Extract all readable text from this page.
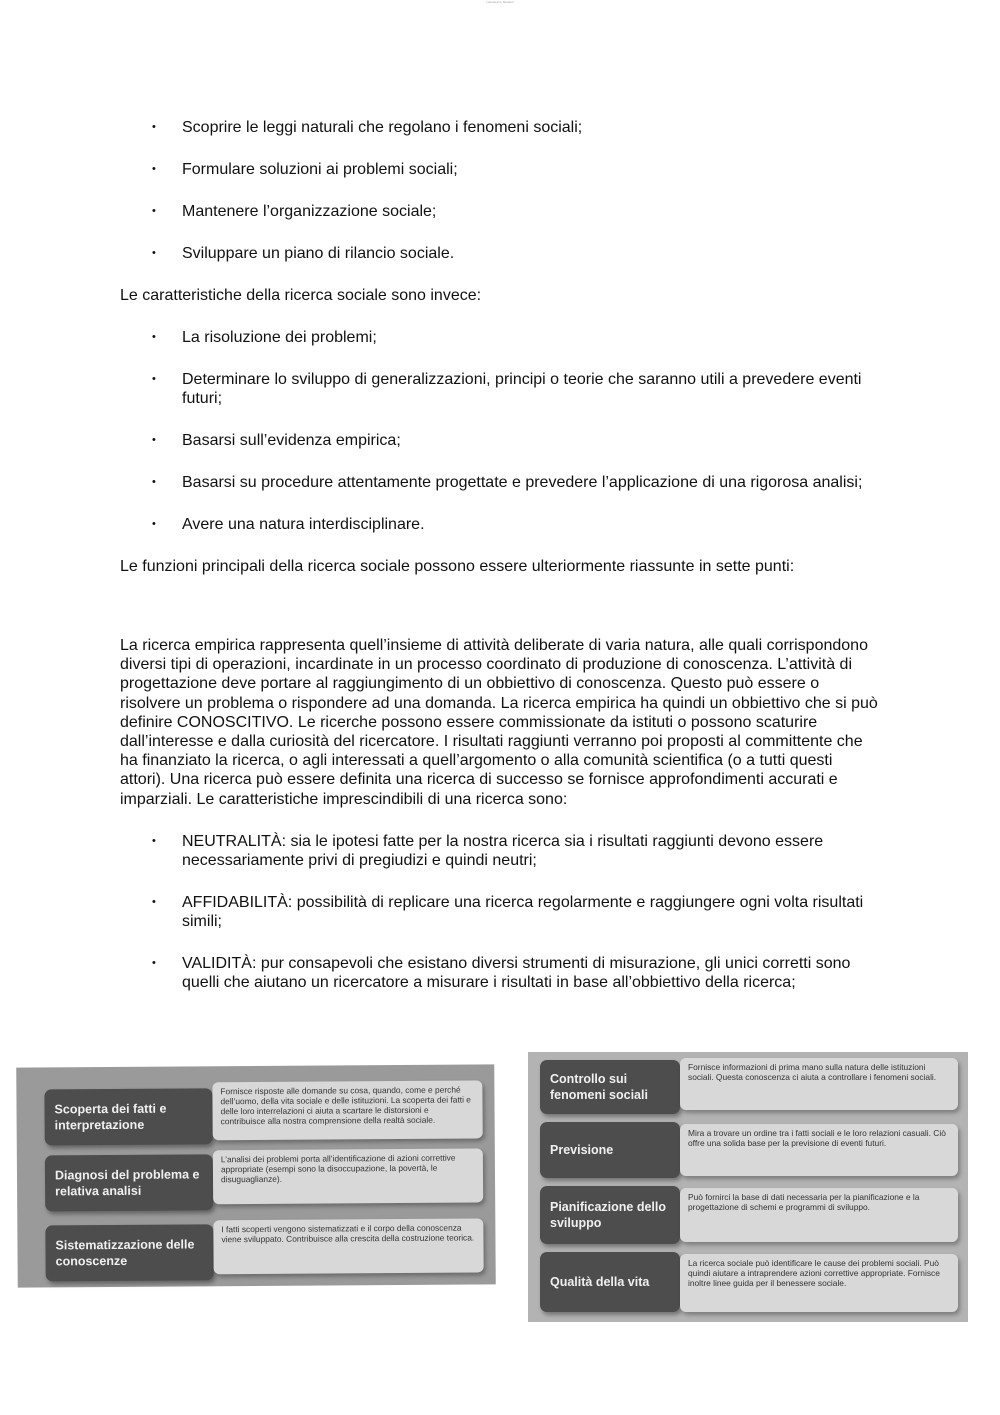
Licensed to Studenti
• Scoprire le leggi naturali che regolano i fenomeni sociali;
• Formulare soluzioni ai problemi sociali;
• Mantenere l’organizzazione sociale;
• Sviluppare un piano di rilancio sociale.

Le caratteristiche della ricerca sociale sono invece:

• La risoluzione dei problemi;
• Determinare lo sviluppo di generalizzazioni, principi o teorie che saranno utili a prevedere eventi futuri;
• Basarsi sull’evidenza empirica;
• Basarsi su procedure attentamente progettate e prevedere l’applicazione di una rigorosa analisi;
• Avere una natura interdisciplinare.

Le funzioni principali della ricerca sociale possono essere ulteriormente riassunte in sette punti:

La ricerca empirica rappresenta quell’insieme di attività deliberate di varia natura, alle quali corrispondono diversi tipi di operazioni, incardinate in un processo coordinato di produzione di conoscenza. L’attività di progettazione deve portare al raggiungimento di un obbiettivo di conoscenza. Questo può essere o risolvere un problema o rispondere ad una domanda. La ricerca empirica ha quindi un obbiettivo che si può definire CONOSCITIVO. Le ricerche possono essere commissionate da istituti o possono scaturire dall’interesse e dalla curiosità del ricercatore. I risultati raggiunti verranno poi proposti al committente che ha finanziato la ricerca, o agli interessati a quell’argomento o alla comunità scientifica (o a tutti questi attori). Una ricerca può essere definita una ricerca di successo se fornisce approfondimenti accurati e imparziali. Le caratteristiche imprescindibili di una ricerca sono:

• NEUTRALITÀ: sia le ipotesi fatte per la nostra ricerca sia i risultati raggiunti devono essere necessariamente privi di pregiudizi e quindi neutri;
• AFFIDABILITÀ: possibilità di replicare una ricerca regolarmente e raggiungere ogni volta risultati simili;
• VALIDITÀ: pur consapevoli che esistano diversi strumenti di misurazione, gli unici corretti sono quelli che aiutano un ricercatore a misurare i risultati in base all’obbiettivo della ricerca;
Scoperta dei fatti e interpretazione
Fornisce risposte alle domande su cosa, quando, come e perché dell’uomo, della vita sociale e delle istituzioni. La scoperta dei fatti e delle loro interrelazioni ci aiuta a scartare le distorsioni e contribuisce alla nostra comprensione della realtà sociale.
Diagnosi del problema e relativa analisi
L’analisi dei problemi porta all’identificazione di azioni correttive appropriate (esempi sono la disoccupazione, la povertà, le disuguaglianze).
Sistematizzazione delle conoscenze
I fatti scoperti vengono sistematizzati e il corpo della conoscenza viene sviluppato. Contribuisce alla crescita della costruzione teorica.
Controllo sui fenomeni sociali
Fornisce informazioni di prima mano sulla natura delle istituzioni sociali. Questa conoscenza ci aiuta a controllare i fenomeni sociali.
Previsione
Mira a trovare un ordine tra i fatti sociali e le loro relazioni casuali. Ciò offre una solida base per la previsione di eventi futuri.
Pianificazione dello sviluppo
Può fornirci la base di dati necessaria per la pianificazione e la progettazione di schemi e programmi di sviluppo.
Qualità della vita
La ricerca sociale può identificare le cause dei problemi sociali. Può quindi aiutare a intraprendere azioni correttive appropriate. Fornisce inoltre linee guida per il benessere sociale.
